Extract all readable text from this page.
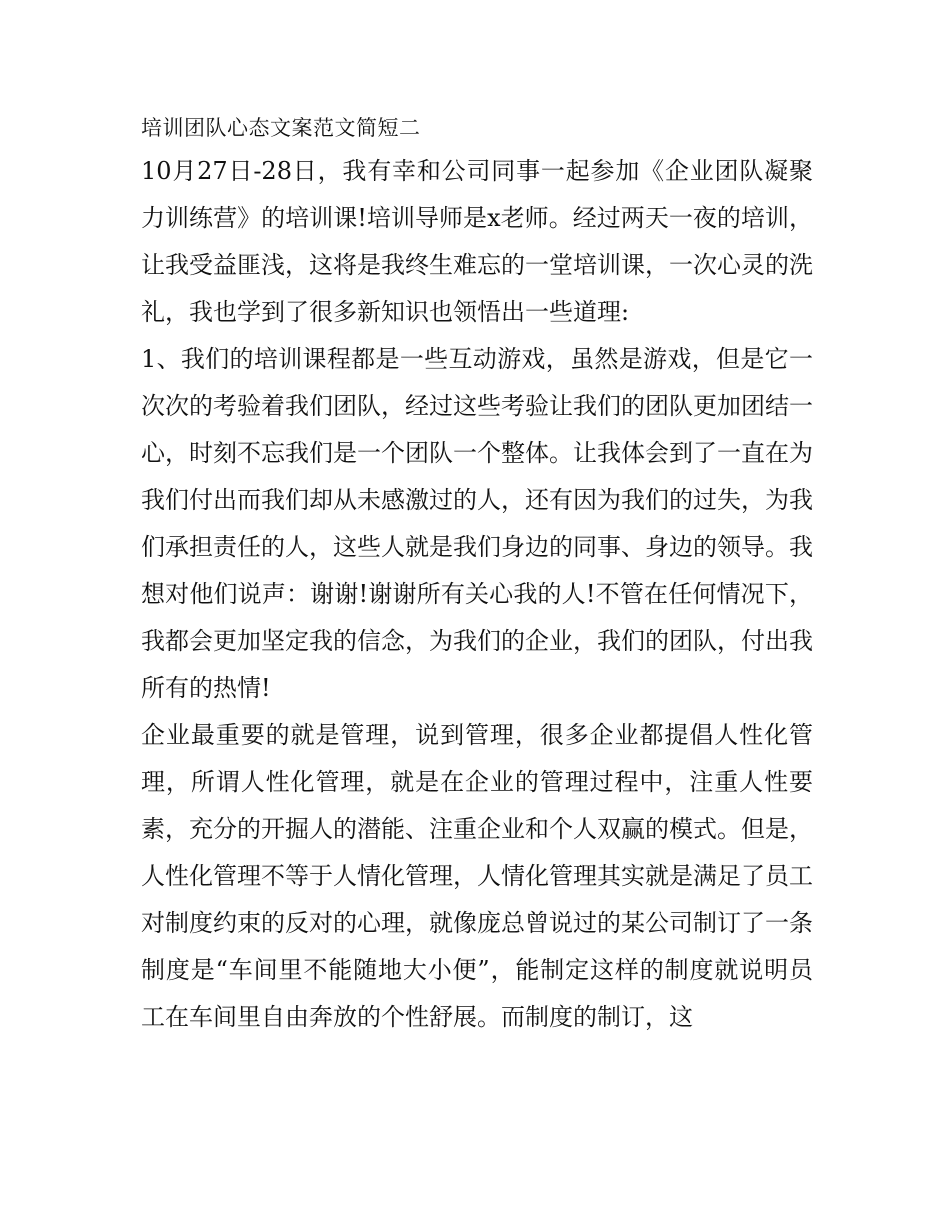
培训团队心态文案范文简短二

10月27日-28日，我有幸和公司同事一起参加《企业团队凝聚力训练营》的培训课!培训导师是x老师。经过两天一夜的培训，让我受益匪浅，这将是我终生难忘的一堂培训课，一次心灵的洗礼，我也学到了很多新知识也领悟出一些道理:

1、我们的培训课程都是一些互动游戏，虽然是游戏，但是它一次次的考验着我们团队，经过这些考验让我们的团队更加团结一心，时刻不忘我们是一个团队一个整体。让我体会到了一直在为我们付出而我们却从未感激过的人，还有因为我们的过失，为我们承担责任的人，这些人就是我们身边的同事、身边的领导。我想对他们说声：谢谢!谢谢所有关心我的人!不管在任何情况下，我都会更加坚定我的信念，为我们的企业，我们的团队，付出我所有的热情!

企业最重要的就是管理，说到管理，很多企业都提倡人性化管理，所谓人性化管理，就是在企业的管理过程中，注重人性要素，充分的开掘人的潜能、注重企业和个人双赢的模式。但是，人性化管理不等于人情化管理，人情化管理其实就是满足了员工对制度约束的反对的心理，就像庞总曾说过的某公司制订了一条制度是“车间里不能随地大小便”，能制定这样的制度就说明员工在车间里自由奔放的个性舒展。而制度的制订，这
